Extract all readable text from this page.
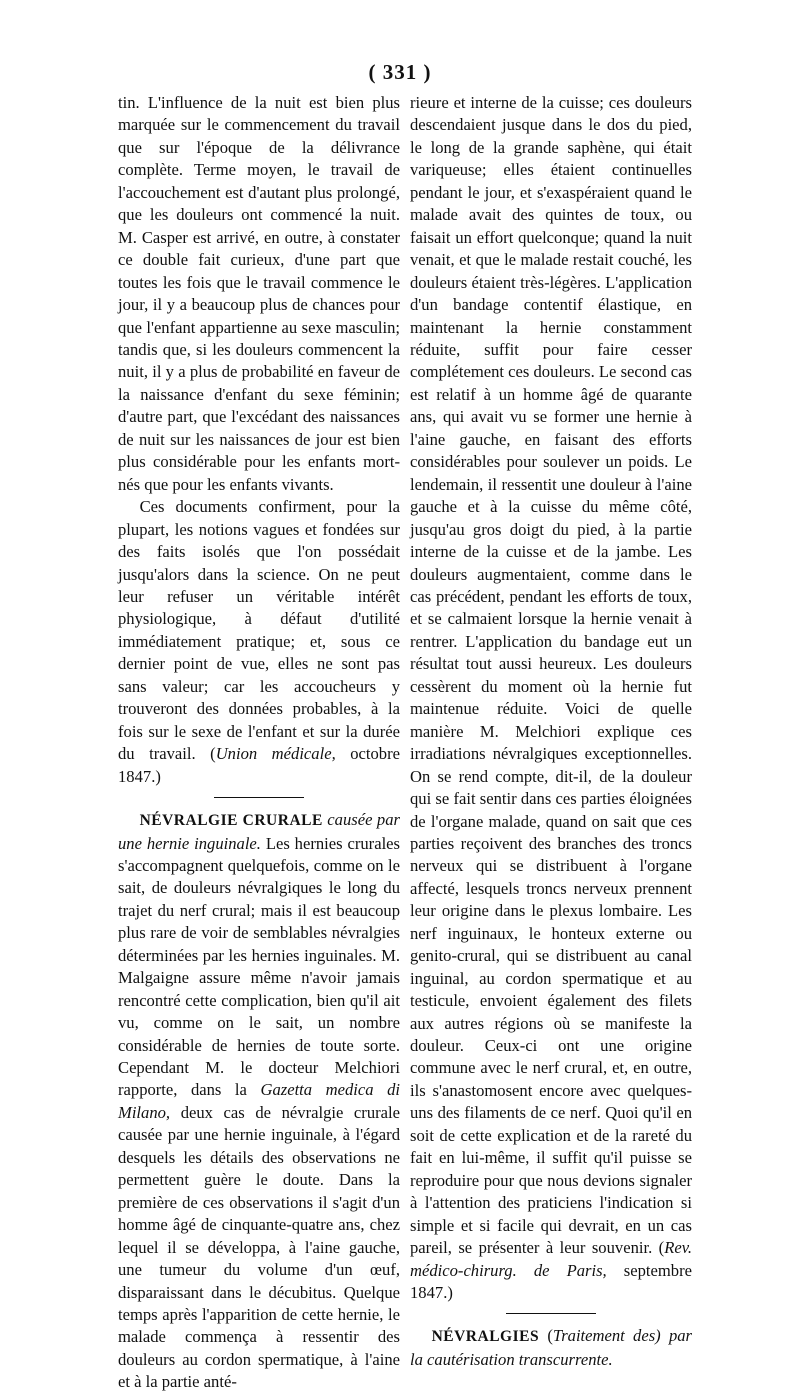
( 331 )

tin. L'influence de la nuit est bien plus marquée sur le commencement du travail que sur l'époque de la délivrance complète. Terme moyen, le travail de l'accouchement est d'autant plus prolongé, que les douleurs ont commencé la nuit. M. Casper est arrivé, en outre, à constater ce double fait curieux, d'une part que toutes les fois que le travail commence le jour, il y a beaucoup plus de chances pour que l'enfant appartienne au sexe masculin; tandis que, si les douleurs commencent la nuit, il y a plus de probabilité en faveur de la naissance d'enfant du sexe féminin; d'autre part, que l'excédant des naissances de nuit sur les naissances de jour est bien plus considérable pour les enfants mort-nés que pour les enfants vivants.

Ces documents confirment, pour la plupart, les notions vagues et fondées sur des faits isolés que l'on possédait jusqu'alors dans la science. On ne peut leur refuser un véritable intérêt physiologique, à défaut d'utilité immédiatement pratique; et, sous ce dernier point de vue, elles ne sont pas sans valeur; car les accoucheurs y trouveront des données probables, à la fois sur le sexe de l'enfant et sur la durée du travail. (Union médicale, octobre 1847.)

NÉVRALGIE CRURALE causée par une hernie inguinale. Les hernies crurales s'accompagnent quelquefois, comme on le sait, de douleurs névralgiques le long du trajet du nerf crural; mais il est beaucoup plus rare de voir de semblables névralgies déterminées par les hernies inguinales. M. Malgaigne assure même n'avoir jamais rencontré cette complication, bien qu'il ait vu, comme on le sait, un nombre considérable de hernies de toute sorte. Cependant M. le docteur Melchiori rapporte, dans la Gazetta medica di Milano, deux cas de névralgie crurale causée par une hernie inguinale, à l'égard desquels les détails des observations ne permettent guère le doute. Dans la première de ces observations il s'agit d'un homme âgé de cinquante-quatre ans, chez lequel il se développa, à l'aine gauche, une tumeur du volume d'un œuf, disparaissant dans le décubitus. Quelque temps après l'apparition de cette hernie, le malade commença à ressentir des douleurs au cordon spermatique, à l'aine et à la partie anté-

rieure et interne de la cuisse; ces douleurs descendaient jusque dans le dos du pied, le long de la grande saphène, qui était variqueuse; elles étaient continuelles pendant le jour, et s'exaspéraient quand le malade avait des quintes de toux, ou faisait un effort quelconque; quand la nuit venait, et que le malade restait couché, les douleurs étaient très-légères. L'application d'un bandage contentif élastique, en maintenant la hernie constamment réduite, suffit pour faire cesser complétement ces douleurs. Le second cas est relatif à un homme âgé de quarante ans, qui avait vu se former une hernie à l'aine gauche, en faisant des efforts considérables pour soulever un poids. Le lendemain, il ressentit une douleur à l'aine gauche et à la cuisse du même côté, jusqu'au gros doigt du pied, à la partie interne de la cuisse et de la jambe. Les douleurs augmentaient, comme dans le cas précédent, pendant les efforts de toux, et se calmaient lorsque la hernie venait à rentrer. L'application du bandage eut un résultat tout aussi heureux. Les douleurs cessèrent du moment où la hernie fut maintenue réduite. Voici de quelle manière M. Melchiori explique ces irradiations névralgiques exceptionnelles. On se rend compte, dit-il, de la douleur qui se fait sentir dans ces parties éloignées de l'organe malade, quand on sait que ces parties reçoivent des branches des troncs nerveux qui se distribuent à l'organe affecté, lesquels troncs nerveux prennent leur origine dans le plexus lombaire. Les nerf inguinaux, le honteux externe ou genito-crural, qui se distribuent au canal inguinal, au cordon spermatique et au testicule, envoient également des filets aux autres régions où se manifeste la douleur. Ceux-ci ont une origine commune avec le nerf crural, et, en outre, ils s'anastomosent encore avec quelques-uns des filaments de ce nerf. Quoi qu'il en soit de cette explication et de la rareté du fait en lui-même, il suffit qu'il puisse se reproduire pour que nous devions signaler à l'attention des praticiens l'indication si simple et si facile qui devrait, en un cas pareil, se présenter à leur souvenir. (Rev. médico-chirurg. de Paris, septembre 1847.)

NÉVRALGIES (Traitement des) par la cautérisation transcurrente.
